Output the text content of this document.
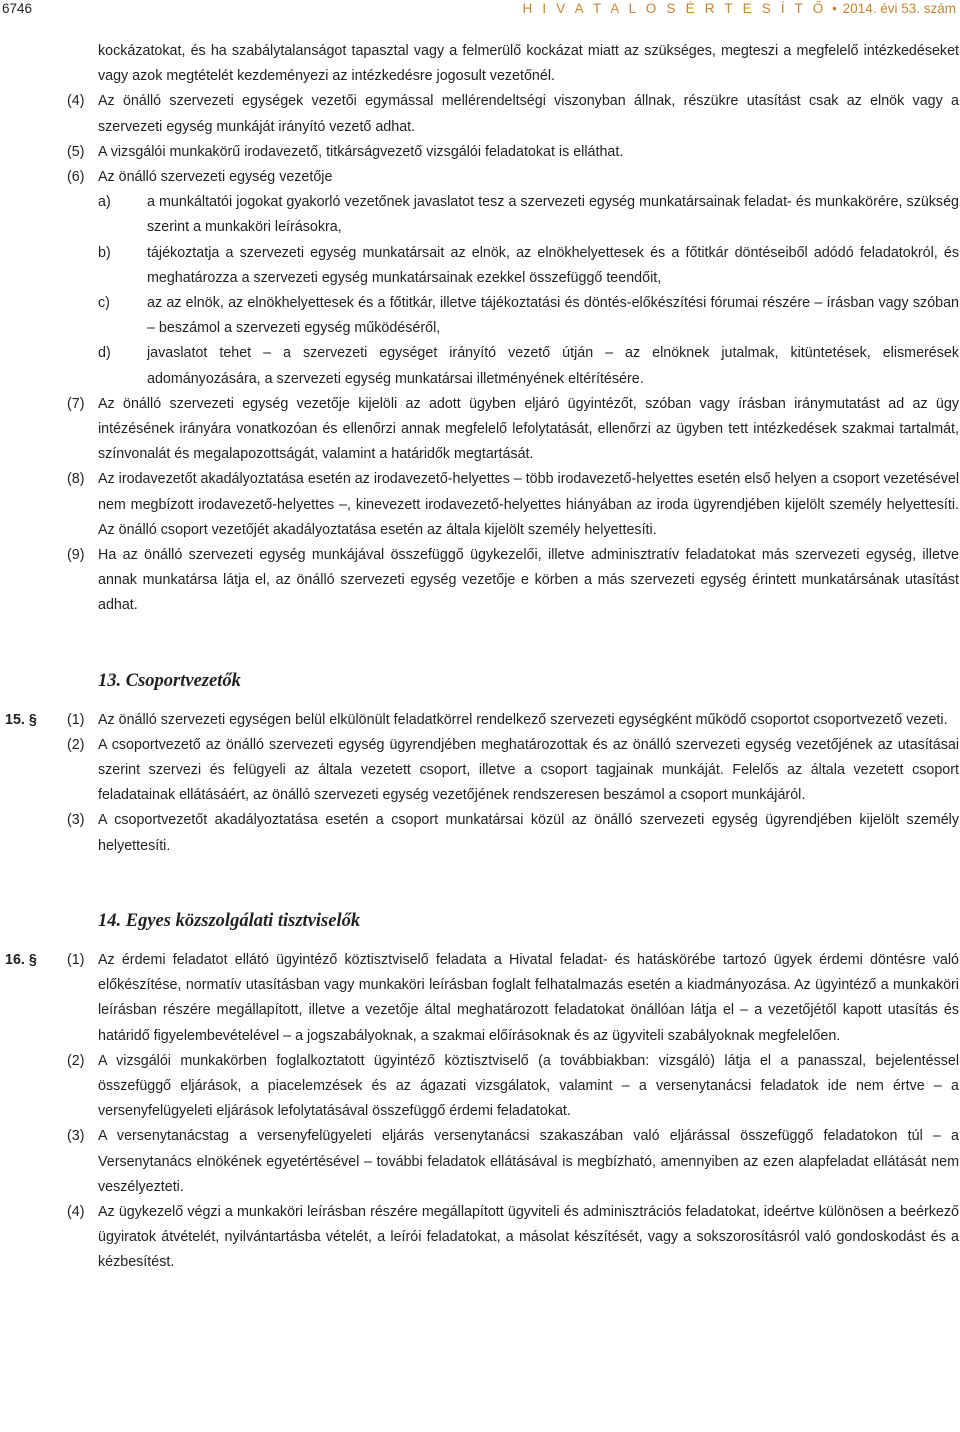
6746	H I V A T A L O S É R T E S Í T Ő • 2014. évi 53. szám

kockázatokat, és ha szabálytalanságot tapasztal vagy a felmerülő kockázat miatt az szükséges, megteszi a megfelelő intézkedéseket vagy azok megtételét kezdeményezi az intézkedésre jogosult vezetőnél.

(4) Az önálló szervezeti egységek vezetői egymással mellérendeltségi viszonyban állnak, részükre utasítást csak az elnök vagy a szervezeti egység munkáját irányító vezető adhat.
(5) A vizsgálói munkakörű irodavezető, titkárságvezető vizsgálói feladatokat is elláthat.
(6) Az önálló szervezeti egység vezetője
a)	a munkáltatói jogokat gyakorló vezetőnek javaslatot tesz a szervezeti egység munkatársainak feladat- és munkakörére, szükség szerint a munkaköri leírásokra,
b)	tájékoztatja a szervezeti egység munkatársait az elnök, az elnökhelyettesek és a főtitkár döntéseiből adódó feladatokról, és meghatározza a szervezeti egység munkatársainak ezekkel összefüggő teendőit,
c)	az az elnök, az elnökhelyettesek és a főtitkár, illetve tájékoztatási és döntés-előkészítési fórumai részére – írásban vagy szóban – beszámol a szervezeti egység működéséről,
d)	javaslatot tehet – a szervezeti egységet irányító vezető útján – az elnöknek jutalmak, kitüntetések, elismerések adományozására, a szervezeti egység munkatársai illetményének eltérítésére.
(7) Az önálló szervezeti egység vezetője kijelöli az adott ügyben eljáró ügyintézőt, szóban vagy írásban iránymutatást ad az ügy intézésének irányára vonatkozóan és ellenőrzi annak megfelelő lefolytatását, ellenőrzi az ügyben tett intézkedések szakmai tartalmát, színvonalát és megalapozottságát, valamint a határidők megtartását.
(8) Az irodavezetőt akadályoztatása esetén az irodavezető-helyettes – több irodavezető-helyettes esetén első helyen a csoport vezetésével nem megbízott irodavezető-helyettes –, kinevezett irodavezető-helyettes hiányában az iroda ügyrendjében kijelölt személy helyettesíti. Az önálló csoport vezetőjét akadályoztatása esetén az általa kijelölt személy helyettesíti.
(9) Ha az önálló szervezeti egység munkájával összefüggő ügykezelői, illetve adminisztratív feladatokat más szervezeti egység, illetve annak munkatársa látja el, az önálló szervezeti egység vezetője e körben a más szervezeti egység érintett munkatársának utasítást adhat.
13. Csoportvezetők
15. § (1) Az önálló szervezeti egységen belül elkülönült feladatkörrel rendelkező szervezeti egységként működő csoportot csoportvezető vezeti.
(2) A csoportvezető az önálló szervezeti egység ügyrendjében meghatározottak és az önálló szervezeti egység vezetőjének az utasításai szerint szervezi és felügyeli az általa vezetett csoport, illetve a csoport tagjainak munkáját. Felelős az általa vezetett csoport feladatainak ellátásáért, az önálló szervezeti egység vezetőjének rendszeresen beszámol a csoport munkájáról.
(3) A csoportvezetőt akadályoztatása esetén a csoport munkatársai közül az önálló szervezeti egység ügyrendjében kijelölt személy helyettesíti.
14. Egyes közszolgálati tisztviselők
16. § (1) Az érdemi feladatot ellátó ügyintéző köztisztviselő feladata a Hivatal feladat- és hatáskörébe tartozó ügyek érdemi döntésre való előkészítése, normatív utasításban vagy munkaköri leírásban foglalt felhatalmazás esetén a kiadmányozása. Az ügyintéző a munkaköri leírásban részére megállapított, illetve a vezetője által meghatározott feladatokat önállóan látja el – a vezetőjétől kapott utasítás és határidő figyelembevételével – a jogszabályoknak, a szakmai előírásoknak és az ügyviteli szabályoknak megfelelően.
(2) A vizsgálói munkakörben foglalkoztatott ügyintéző köztisztviselő (a továbbiakban: vizsgáló) látja el a panasszal, bejelentéssel összefüggő eljárások, a piacelemzések és az ágazati vizsgálatok, valamint – a versenytanácsi feladatok ide nem értve – a versenyfelügyeleti eljárások lefolytatásával összefüggő érdemi feladatokat.
(3) A versenytanácstag a versenyfelügyeleti eljárás versenytanácsi szakaszában való eljárással összefüggő feladatokon túl – a Versenytanács elnökének egyetértésével – további feladatok ellátásával is megbízható, amennyiben az ezen alapfeladat ellátását nem veszélyezteti.
(4) Az ügykezelő végzi a munkaköri leírásban részére megállapított ügyviteli és adminisztrációs feladatokat, ideértve különösen a beérkező ügyiratok átvételét, nyilvántartásba vételét, a leírói feladatokat, a másolat készítését, vagy a sokszorosításról való gondoskodást és a kézbesítést.
